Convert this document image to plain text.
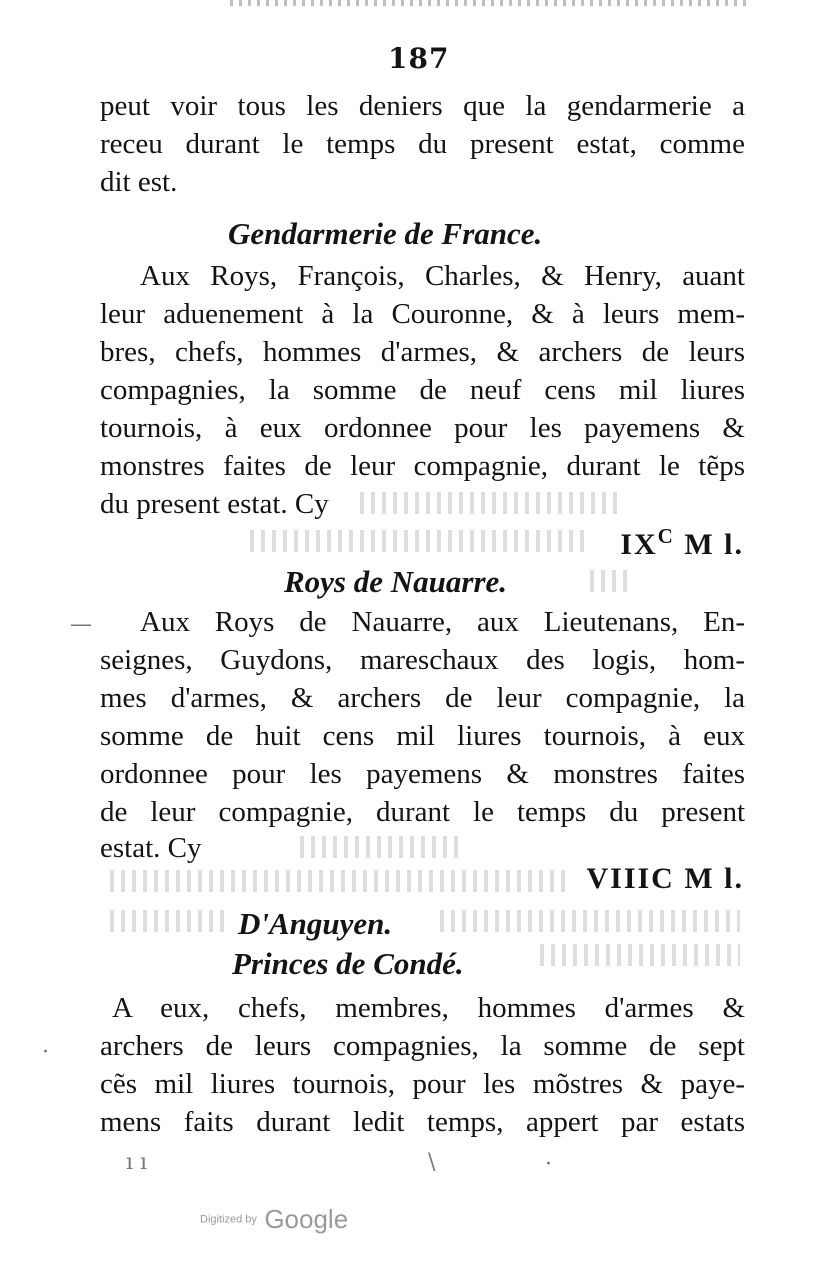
187
peut voir tous les deniers que la gendarmerie a
receu durant le temps du present estat, comme
dit est.
Gendarmerie de France.
Aux Roys, François, Charles, & Henry, auant
leur aduenement à la Couronne, & à leurs mem-
bres, chefs, hommes d'armes, & archers de leurs
compagnies, la somme de neuf cens mil liures
tournois, à eux ordonnee pour les payemens &
monstres faites de leur compagnie, durant le tẽps
du present estat. Cy
$IX^C$ M l.
Roys de Nauarre.
— Aux Roys de Nauarre, aux Lieutenans, En-
seignes, Guydons, mareschaux des logis, hom-
mes d'armes, & archers de leur compagnie, la
somme de huit cens mil liures tournois, à eux
ordonnee pour les payemens & monstres faites
de leur compagnie, durant le temps du present
estat. Cy
VIIIC M l.
D'Anguyen.
Princes de Condé.
A eux, chefs, membres, hommes d'armes &
archers de leurs compagnies, la somme de sept
cẽs mil liures tournois, pour les mõstres & paye-
mens faits durant ledit temps, appert par estats
·
ı ı	\	·
Digitized by Google
